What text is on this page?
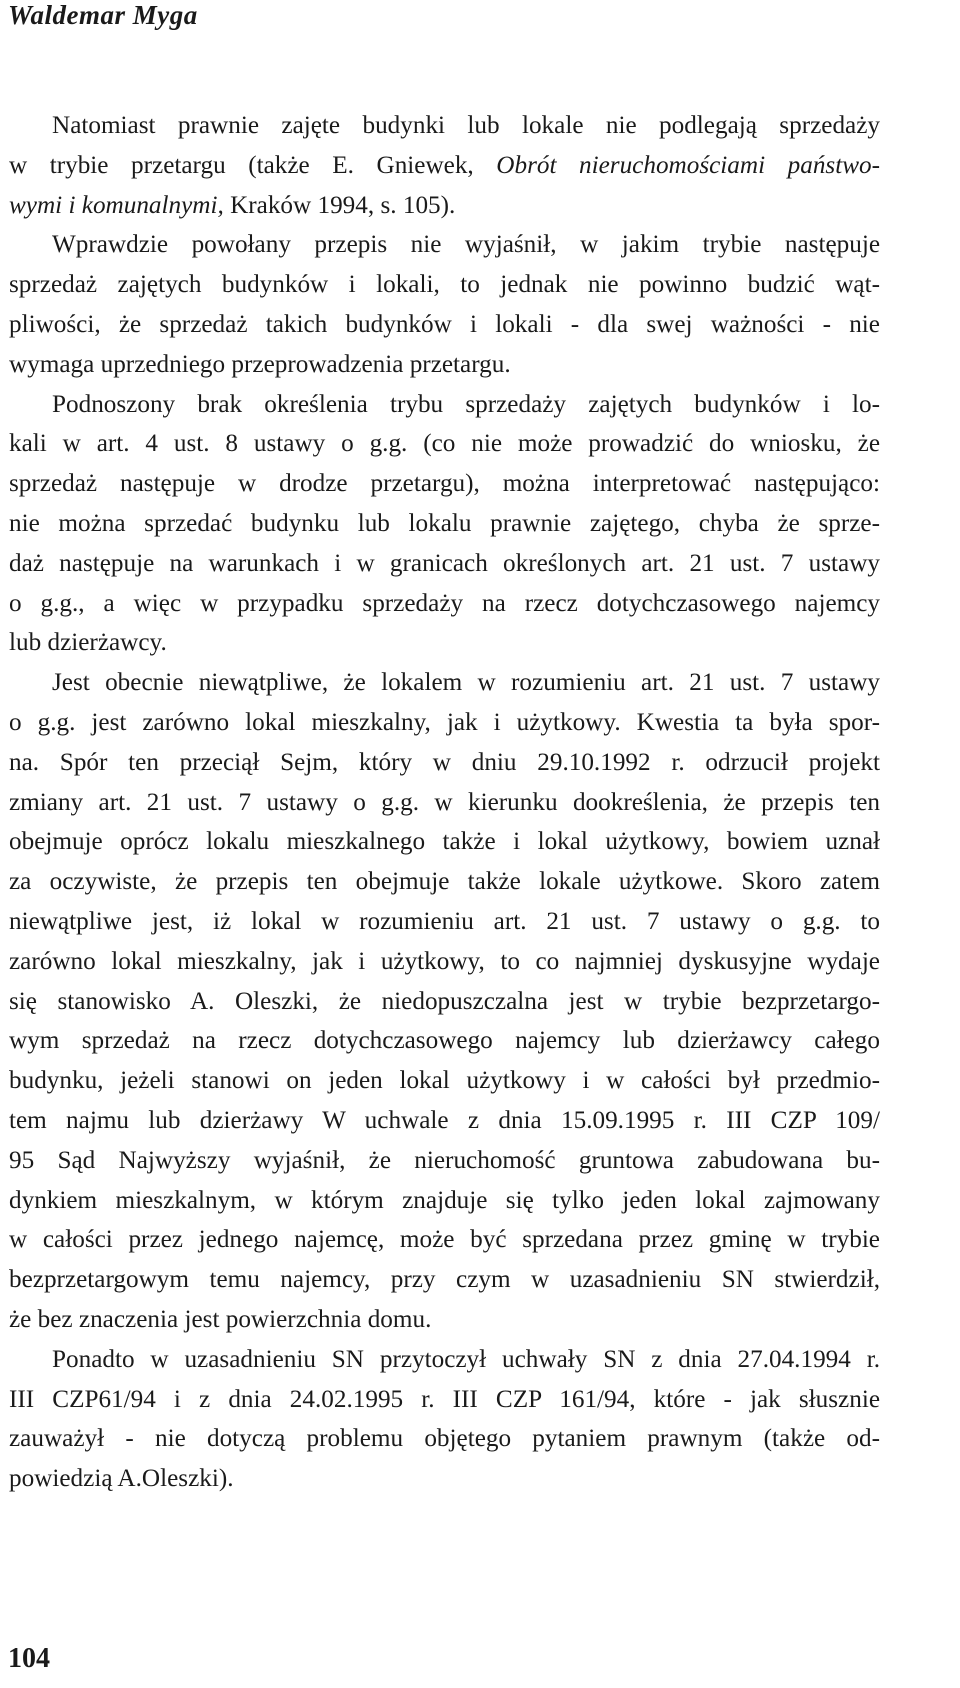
Waldemar Myga
Natomiast prawnie zajęte budynki lub lokale nie podlegają sprzedaży
w trybie przetargu (także E. Gniewek, Obrót nieruchomościami państwo-
wymi i komunalnymi, Kraków 1994, s. 105).
Wprawdzie powołany przepis nie wyjaśnił, w jakim trybie następuje
sprzedaż zajętych budynków i lokali, to jednak nie powinno budzić wąt-
pliwości, że sprzedaż takich budynków i lokali - dla swej ważności - nie
wymaga uprzedniego przeprowadzenia przetargu.
Podnoszony brak określenia trybu sprzedaży zajętych budynków i lo-
kali w art. 4 ust. 8 ustawy o g.g. (co nie może prowadzić do wniosku, że
sprzedaż następuje w drodze przetargu), można interpretować następująco:
nie można sprzedać budynku lub lokalu prawnie zajętego, chyba że sprze-
daż następuje na warunkach i w granicach określonych art. 21 ust. 7 ustawy
o g.g., a więc w przypadku sprzedaży na rzecz dotychczasowego najemcy
lub dzierżawcy.
Jest obecnie niewątpliwe, że lokalem w rozumieniu art. 21 ust. 7 ustawy
o g.g. jest zarówno lokal mieszkalny, jak i użytkowy. Kwestia ta była spor-
na. Spór ten przeciął Sejm, który w dniu 29.10.1992 r. odrzucił projekt
zmiany art. 21 ust. 7 ustawy o g.g. w kierunku dookreślenia, że przepis ten
obejmuje oprócz lokalu mieszkalnego także i lokal użytkowy, bowiem uznał
za oczywiste, że przepis ten obejmuje także lokale użytkowe. Skoro zatem
niewątpliwe jest, iż lokal w rozumieniu art. 21 ust. 7 ustawy o g.g. to
zarówno lokal mieszkalny, jak i użytkowy, to co najmniej dyskusyjne wydaje
się stanowisko A. Oleszki, że niedopuszczalna jest w trybie bezprzetargo-
wym sprzedaż na rzecz dotychczasowego najemcy lub dzierżawcy całego
budynku, jeżeli stanowi on jeden lokal użytkowy i w całości był przedmio-
tem najmu lub dzierżawy W uchwale z dnia 15.09.1995 r. III CZP 109/
95 Sąd Najwyższy wyjaśnił, że nieruchomość gruntowa zabudowana bu-
dynkiem mieszkalnym, w którym znajduje się tylko jeden lokal zajmowany
w całości przez jednego najemcę, może być sprzedana przez gminę w trybie
bezprzetargowym temu najemcy, przy czym w uzasadnieniu SN stwierdził,
że bez znaczenia jest powierzchnia domu.
Ponadto w uzasadnieniu SN przytoczył uchwały SN z dnia 27.04.1994 r.
III CZP61/94 i z dnia 24.02.1995 r. III CZP 161/94, które - jak słusznie
zauważył - nie dotyczą problemu objętego pytaniem prawnym (także od-
powiedzią A.Oleszki).
104
